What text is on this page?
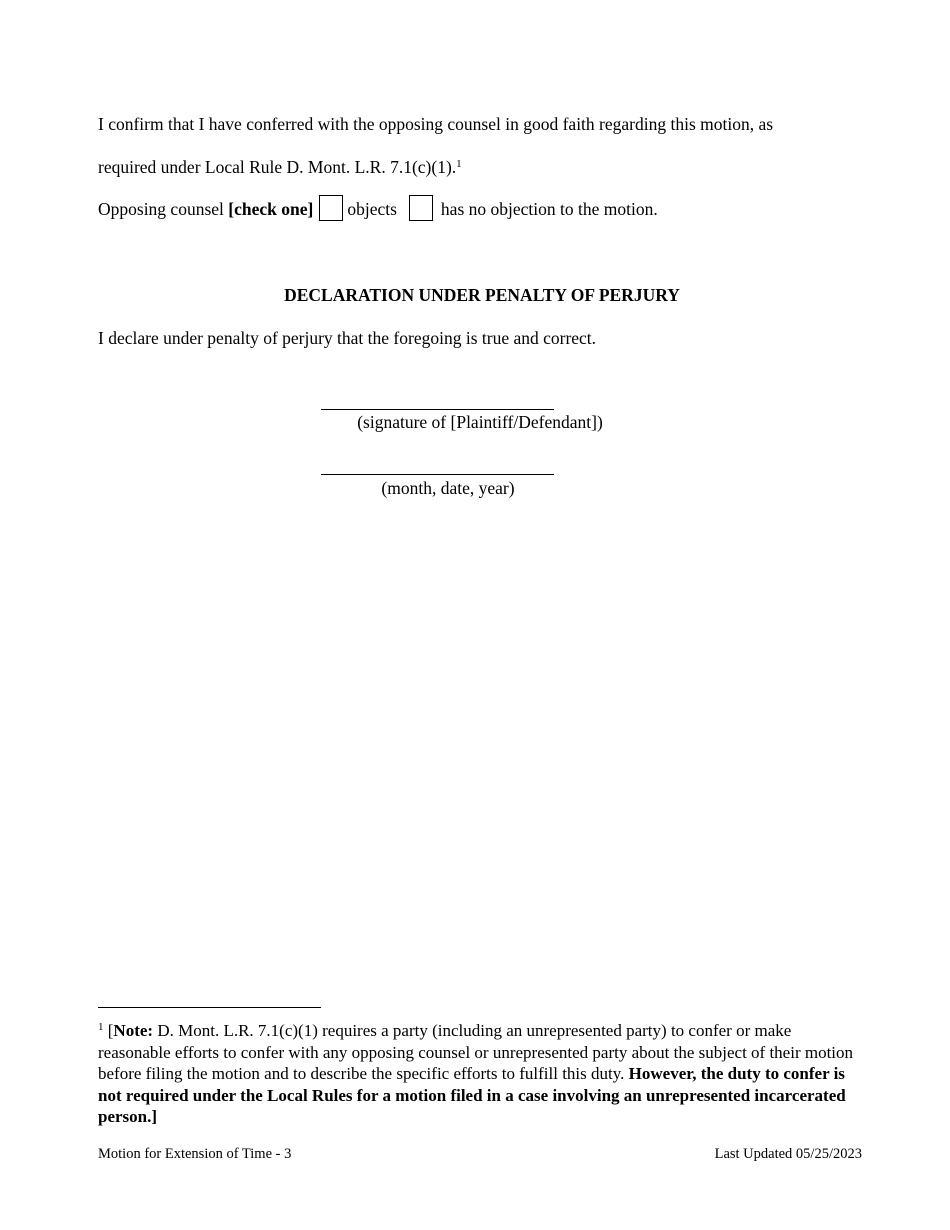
I confirm that I have conferred with the opposing counsel in good faith regarding this motion, as
required under Local Rule D. Mont. L.R. 7.1(c)(1).$^1$
Opposing counsel [check one] objects	has no objection to the motion.
DECLARATION UNDER PENALTY OF PERJURY
I declare under penalty of perjury that the foregoing is true and correct.
(signature of [Plaintiff/Defendant])
(month, date, year)
$^1$ [Note: D. Mont. L.R. 7.1(c)(1) requires a party (including an unrepresented party) to confer or make reasonable efforts to confer with any opposing counsel or unrepresented party about the subject of their motion before filing the motion and to describe the specific efforts to fulfill this duty. However, the duty to confer is not required under the Local Rules for a motion filed in a case involving an unrepresented incarcerated person.]
Motion for Extension of Time - 3	Last Updated 05/25/2023
